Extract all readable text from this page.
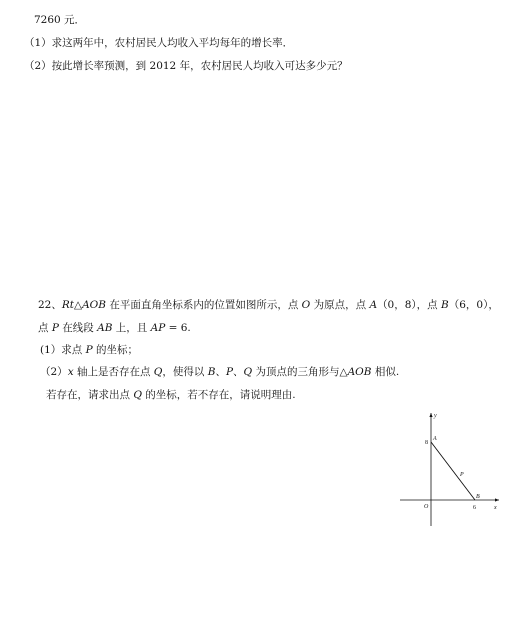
7260 元．
（1）求这两年中，农村居民人均收入平均每年的增长率．
（2）按此增长率预测，到 2012 年，农村居民人均收入可达多少元？
22、Rt△AOB 在平面直角坐标系内的位置如图所示，点 O 为原点，点 A（0，8），点 B（6，0），
点 P 在线段 AB 上，且 AP = 6.
(1）求点 P 的坐标；
（2）x 轴上是否存在点 Q，使得以 B、P、Q 为顶点的三角形与△AOB 相似.
若存在，请求出点 Q 的坐标，若不存在，请说明理由.
y
x
A
8
P
B
6
O
